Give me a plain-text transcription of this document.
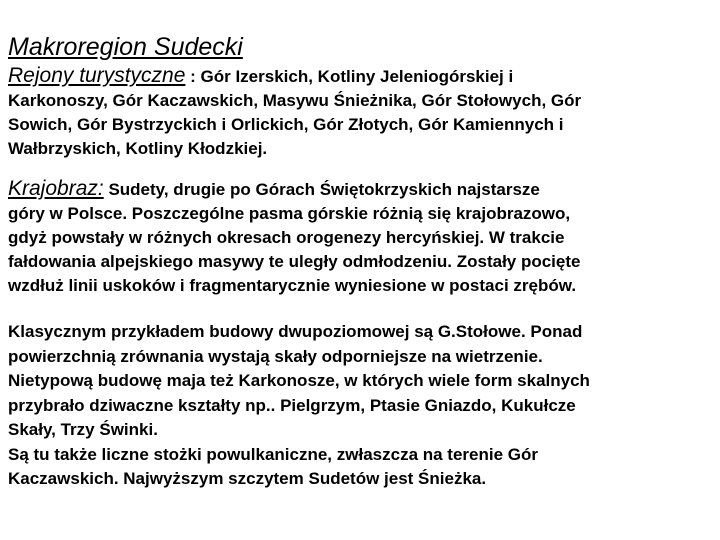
Makroregion Sudecki

Rejony turystyczne : Gór Izerskich, Kotliny Jeleniogórskiej i
Karkonoszy, Gór Kaczawskich, Masywu Śnieżnika, Gór Stołowych, Gór
Sowich, Gór Bystrzyckich i Orlickich, Gór Złotych, Gór Kamiennych i
Wałbrzyskich, Kotliny Kłodzkiej.

Krajobraz: Sudety, drugie po Górach Świętokrzyskich najstarsze
góry w Polsce. Poszczególne pasma górskie różnią się krajobrazowo,
gdyż powstały w różnych okresach orogenezy hercyńskiej. W trakcie
fałdowania alpejskiego masywy te uległy odmłodzeniu. Zostały pocięte
wzdłuż linii uskoków i fragmentarycznie wyniesione w postaci zrębów.

Klasycznym przykładem budowy dwupoziomowej są G.Stołowe. Ponad
powierzchnią zrównania wystają skały odporniejsze na wietrzenie.
Nietypową budowę maja też Karkonosze, w których wiele form skalnych
przybrało dziwaczne kształty np.. Pielgrzym, Ptasie Gniazdo, Kukułcze
Skały, Trzy Świnki.
Są tu także liczne stożki powulkaniczne, zwłaszcza na terenie Gór
Kaczawskich. Najwyższym szczytem Sudetów jest Śnieżka.
